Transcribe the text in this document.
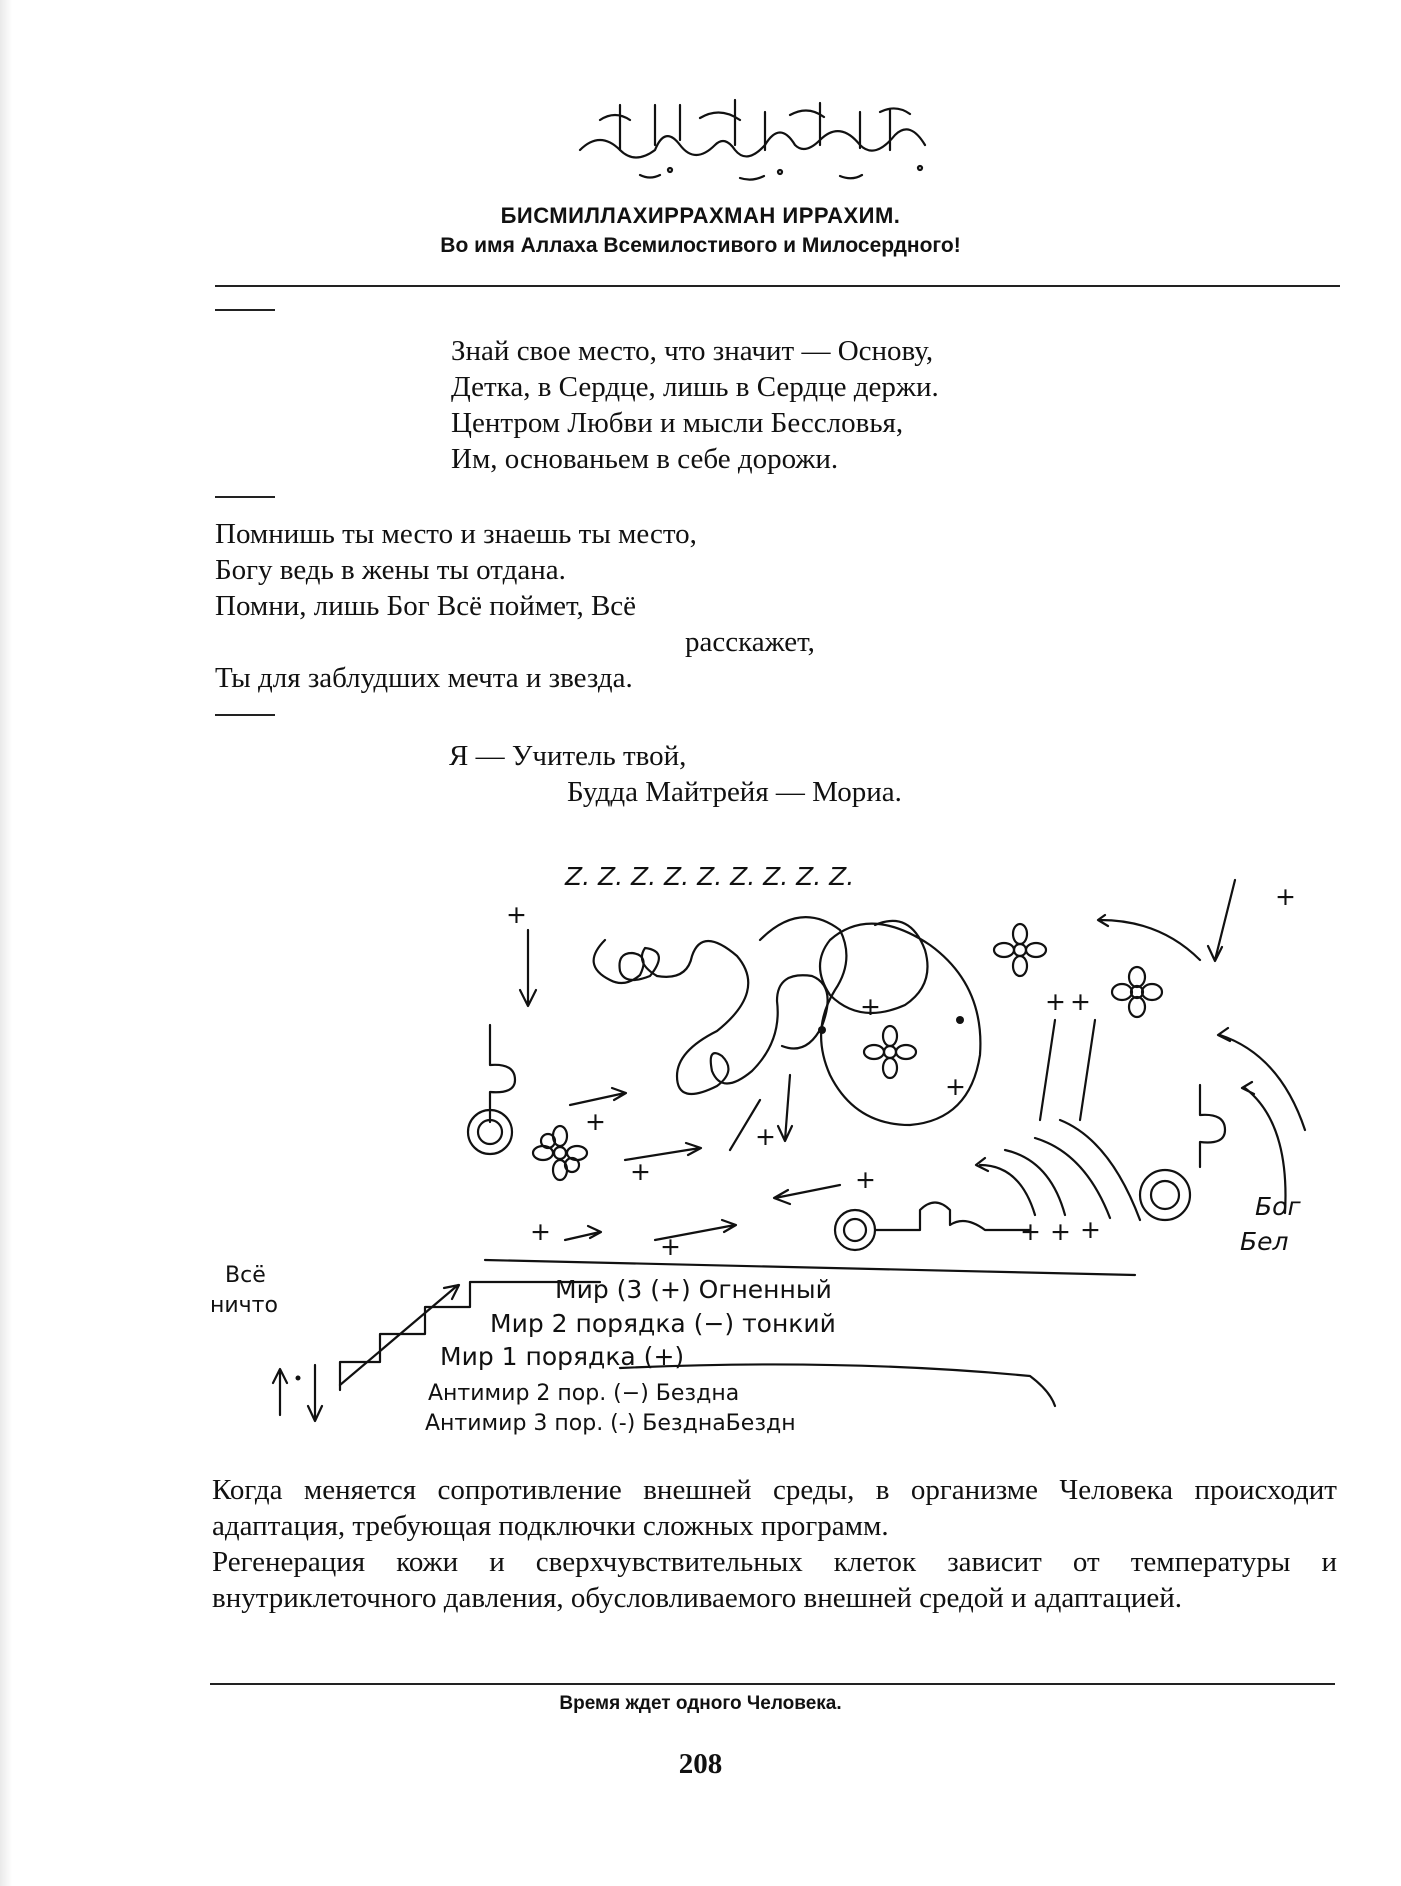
БИСМИЛЛАХИРРАХМАН ИРРАХИМ.
Во имя Аллаха Всемилостивого и Милосердного!
Знай свое место, что значит — Основу,
Детка, в Сердце, лишь в Сердце держи.
Центром Любви и мысли Бессловья,
Им, основаньем в себе дорожи.
Помнишь ты место и знаешь ты место,
Богу ведь в жены ты отдана.
Помни, лишь Бог Всё поймет, Всё
расскажет,
Ты для заблудших мечта и звезда.
Я — Учитель твой,
Будда Майтрейя — Мориа.
Z. Z. Z. Z. Z. Z. Z. Z. Z.
+
+
+
+ +
+
+
+
+
+
+
+
+ + +
Бог
Бел
Всё
ничто
Мир (3 (+) Огненный
Мир 2 порядка (−) тонкий
Мир 1 порядка (+)
Антимир 2 пор. (−) Бездна
Антимир 3 пор. (-) БезднаБездн

Когда меняется сопротивление внешней среды, в организме Человека происходит адаптация, требующая подключки сложных программ.

Регенерация кожи и сверхчувствительных клеток зависит от температуры и внутриклеточного давления, обусловливаемого внешней средой и адаптацией.

Время ждет одного Человека.
208
